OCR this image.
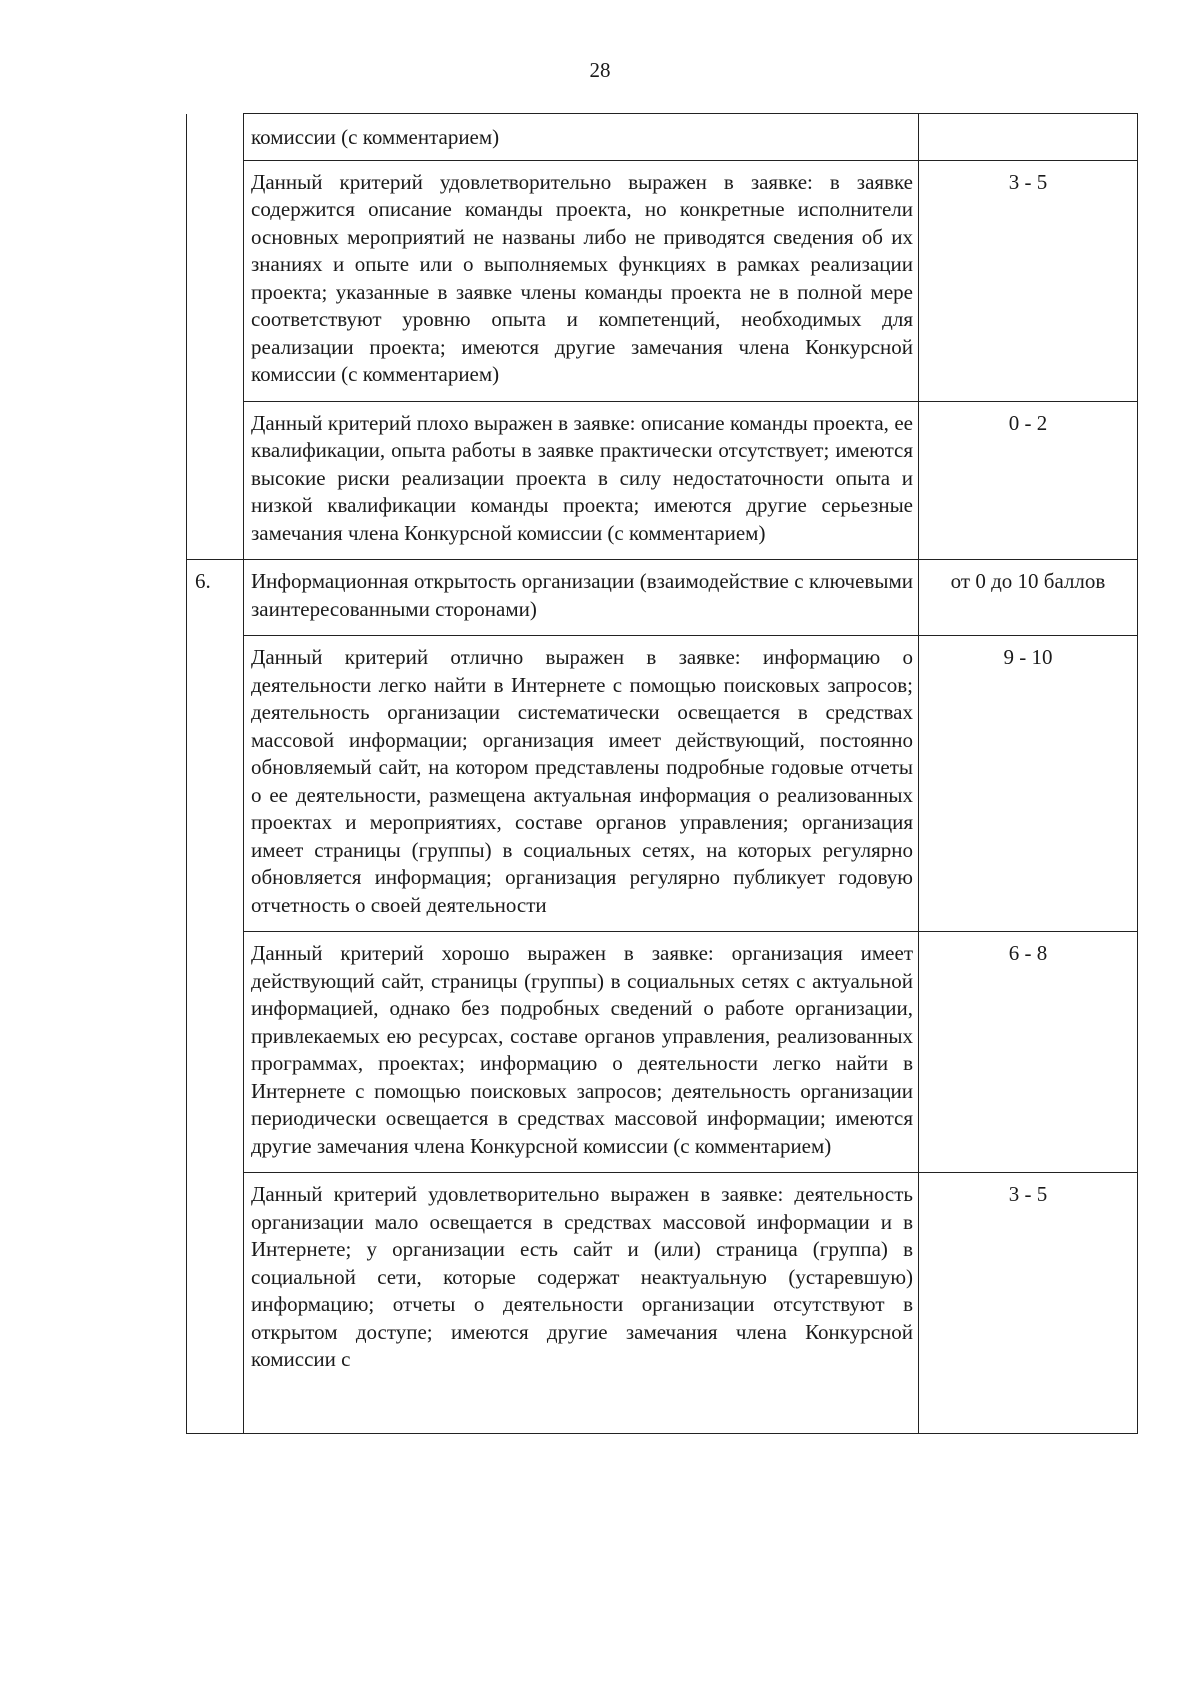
28
	комиссии (с комментарием)	
	Данный критерий удовлетворительно выражен в заявке: в заявке содержится описание команды проекта, но конкретные исполнители основных мероприятий не названы либо не приводятся сведения об их знаниях и опыте или о выполняемых функциях в рамках реализации проекта; указанные в заявке члены команды проекта не в полной мере соответствуют уровню опыта и компетенций, необходимых для реализации проекта; имеются другие замечания члена Конкурсной комиссии (с комментарием)	3 - 5
	Данный критерий плохо выражен в заявке: описание команды проекта, ее квалификации, опыта работы в заявке практически отсутствует; имеются высокие риски реализации проекта в силу недостаточности опыта и низкой квалификации команды проекта; имеются другие серьезные замечания члена Конкурсной комиссии (с комментарием)	0 - 2
6.	Информационная открытость организации (взаимодействие с ключевыми заинтересованными сторонами)	от 0 до 10 баллов
	Данный критерий отлично выражен в заявке: информацию о деятельности легко найти в Интернете с помощью поисковых запросов; деятельность организации систематически освещается в средствах массовой информации; организация имеет действующий, постоянно обновляемый сайт, на котором представлены подробные годовые отчеты о ее деятельности, размещена актуальная информация о реализованных проектах и мероприятиях, составе органов управления; организация имеет страницы (группы) в социальных сетях, на которых регулярно обновляется информация; организация регулярно публикует годовую отчетность о своей деятельности	9 - 10
	Данный критерий хорошо выражен в заявке: организация имеет действующий сайт, страницы (группы) в социальных сетях с актуальной информацией, однако без подробных сведений о работе организации, привлекаемых ею ресурсах, составе органов управления, реализованных программах, проектах; информацию о деятельности легко найти в Интернете с помощью поисковых запросов; деятельность организации периодически освещается в средствах массовой информации; имеются другие замечания члена Конкурсной комиссии (с комментарием)	6 - 8
	Данный критерий удовлетворительно выражен в заявке: деятельность организации мало освещается в средствах массовой информации и в Интернете; у организации есть сайт и (или) страница (группа) в социальной сети, которые содержат неактуальную (устаревшую) информацию; отчеты о деятельности организации отсутствуют в открытом доступе; имеются другие замечания члена Конкурсной комиссии с	3 - 5
